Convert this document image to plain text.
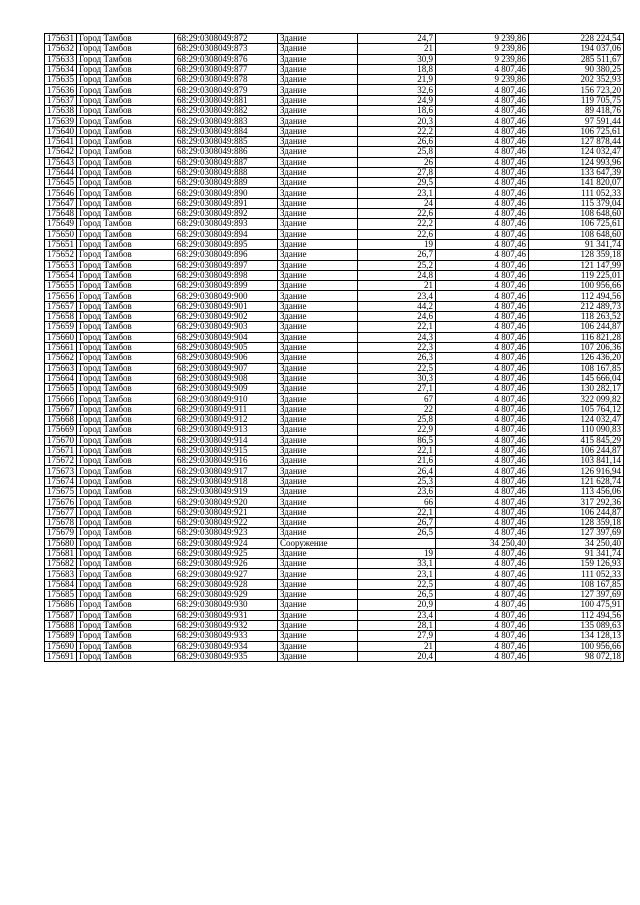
175631	Город Тамбов	68:29:0308049:872	Здание	24,7	9 239,86	228 224,54
175632	Город Тамбов	68:29:0308049:873	Здание	21	9 239,86	194 037,06
175633	Город Тамбов	68:29:0308049:876	Здание	30,9	9 239,86	285 511,67
175634	Город Тамбов	68:29:0308049:877	Здание	18,8	4 807,46	90 380,25
175635	Город Тамбов	68:29:0308049:878	Здание	21,9	9 239,86	202 352,93
175636	Город Тамбов	68:29:0308049:879	Здание	32,6	4 807,46	156 723,20
175637	Город Тамбов	68:29:0308049:881	Здание	24,9	4 807,46	119 705,75
175638	Город Тамбов	68:29:0308049:882	Здание	18,6	4 807,46	89 418,76
175639	Город Тамбов	68:29:0308049:883	Здание	20,3	4 807,46	97 591,44
175640	Город Тамбов	68:29:0308049:884	Здание	22,2	4 807,46	106 725,61
175641	Город Тамбов	68:29:0308049:885	Здание	26,6	4 807,46	127 878,44
175642	Город Тамбов	68:29:0308049:886	Здание	25,8	4 807,46	124 032,47
175643	Город Тамбов	68:29:0308049:887	Здание	26	4 807,46	124 993,96
175644	Город Тамбов	68:29:0308049:888	Здание	27,8	4 807,46	133 647,39
175645	Город Тамбов	68:29:0308049:889	Здание	29,5	4 807,46	141 820,07
175646	Город Тамбов	68:29:0308049:890	Здание	23,1	4 807,46	111 052,33
175647	Город Тамбов	68:29:0308049:891	Здание	24	4 807,46	115 379,04
175648	Город Тамбов	68:29:0308049:892	Здание	22,6	4 807,46	108 648,60
175649	Город Тамбов	68:29:0308049:893	Здание	22,2	4 807,46	106 725,61
175650	Город Тамбов	68:29:0308049:894	Здание	22,6	4 807,46	108 648,60
175651	Город Тамбов	68:29:0308049:895	Здание	19	4 807,46	91 341,74
175652	Город Тамбов	68:29:0308049:896	Здание	26,7	4 807,46	128 359,18
175653	Город Тамбов	68:29:0308049:897	Здание	25,2	4 807,46	121 147,99
175654	Город Тамбов	68:29:0308049:898	Здание	24,8	4 807,46	119 225,01
175655	Город Тамбов	68:29:0308049:899	Здание	21	4 807,46	100 956,66
175656	Город Тамбов	68:29:0308049:900	Здание	23,4	4 807,46	112 494,56
175657	Город Тамбов	68:29:0308049:901	Здание	44,2	4 807,46	212 489,73
175658	Город Тамбов	68:29:0308049:902	Здание	24,6	4 807,46	118 263,52
175659	Город Тамбов	68:29:0308049:903	Здание	22,1	4 807,46	106 244,87
175660	Город Тамбов	68:29:0308049:904	Здание	24,3	4 807,46	116 821,28
175661	Город Тамбов	68:29:0308049:905	Здание	22,3	4 807,46	107 206,36
175662	Город Тамбов	68:29:0308049:906	Здание	26,3	4 807,46	126 436,20
175663	Город Тамбов	68:29:0308049:907	Здание	22,5	4 807,46	108 167,85
175664	Город Тамбов	68:29:0308049:908	Здание	30,3	4 807,46	145 666,04
175665	Город Тамбов	68:29:0308049:909	Здание	27,1	4 807,46	130 282,17
175666	Город Тамбов	68:29:0308049:910	Здание	67	4 807,46	322 099,82
175667	Город Тамбов	68:29:0308049:911	Здание	22	4 807,46	105 764,12
175668	Город Тамбов	68:29:0308049:912	Здание	25,8	4 807,46	124 032,47
175669	Город Тамбов	68:29:0308049:913	Здание	22,9	4 807,46	110 090,83
175670	Город Тамбов	68:29:0308049:914	Здание	86,5	4 807,46	415 845,29
175671	Город Тамбов	68:29:0308049:915	Здание	22,1	4 807,46	106 244,87
175672	Город Тамбов	68:29:0308049:916	Здание	21,6	4 807,46	103 841,14
175673	Город Тамбов	68:29:0308049:917	Здание	26,4	4 807,46	126 916,94
175674	Город Тамбов	68:29:0308049:918	Здание	25,3	4 807,46	121 628,74
175675	Город Тамбов	68:29:0308049:919	Здание	23,6	4 807,46	113 456,06
175676	Город Тамбов	68:29:0308049:920	Здание	66	4 807,46	317 292,36
175677	Город Тамбов	68:29:0308049:921	Здание	22,1	4 807,46	106 244,87
175678	Город Тамбов	68:29:0308049:922	Здание	26,7	4 807,46	128 359,18
175679	Город Тамбов	68:29:0308049:923	Здание	26,5	4 807,46	127 397,69
175680	Город Тамбов	68:29:0308049:924	Сооружение		34 250,40	34 250,40
175681	Город Тамбов	68:29:0308049:925	Здание	19	4 807,46	91 341,74
175682	Город Тамбов	68:29:0308049:926	Здание	33,1	4 807,46	159 126,93
175683	Город Тамбов	68:29:0308049:927	Здание	23,1	4 807,46	111 052,33
175684	Город Тамбов	68:29:0308049:928	Здание	22,5	4 807,46	108 167,85
175685	Город Тамбов	68:29:0308049:929	Здание	26,5	4 807,46	127 397,69
175686	Город Тамбов	68:29:0308049:930	Здание	20,9	4 807,46	100 475,91
175687	Город Тамбов	68:29:0308049:931	Здание	23,4	4 807,46	112 494,56
175688	Город Тамбов	68:29:0308049:932	Здание	28,1	4 807,46	135 089,63
175689	Город Тамбов	68:29:0308049:933	Здание	27,9	4 807,46	134 128,13
175690	Город Тамбов	68:29:0308049:934	Здание	21	4 807,46	100 956,66
175691	Город Тамбов	68:29:0308049:935	Здание	20,4	4 807,46	98 072,18
